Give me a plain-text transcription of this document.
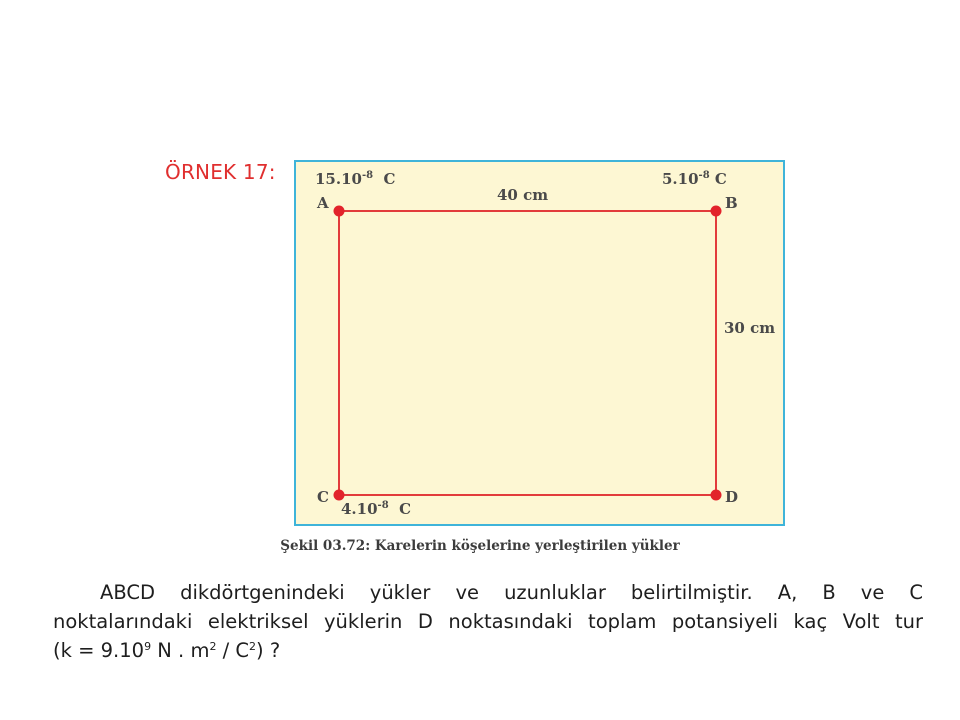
ÖRNEK 17:	$15.10^{-8}$ C	$5.10^{-8}$ C
A	B
40 cm
30 cm
C	D
$4.10^{-8}$ C
Şekil 03.72: Karelerin köşelerine yerleştirilen yükler

ABCD dikdörtgenindeki yükler ve uzunluklar belirtilmiştir. A, B ve C

noktalarındaki elektriksel yüklerin D noktasındaki toplam potansiyeli kaç Volt tur

($k = 9.10^9$ N . $m^2 / C^2$) ?
